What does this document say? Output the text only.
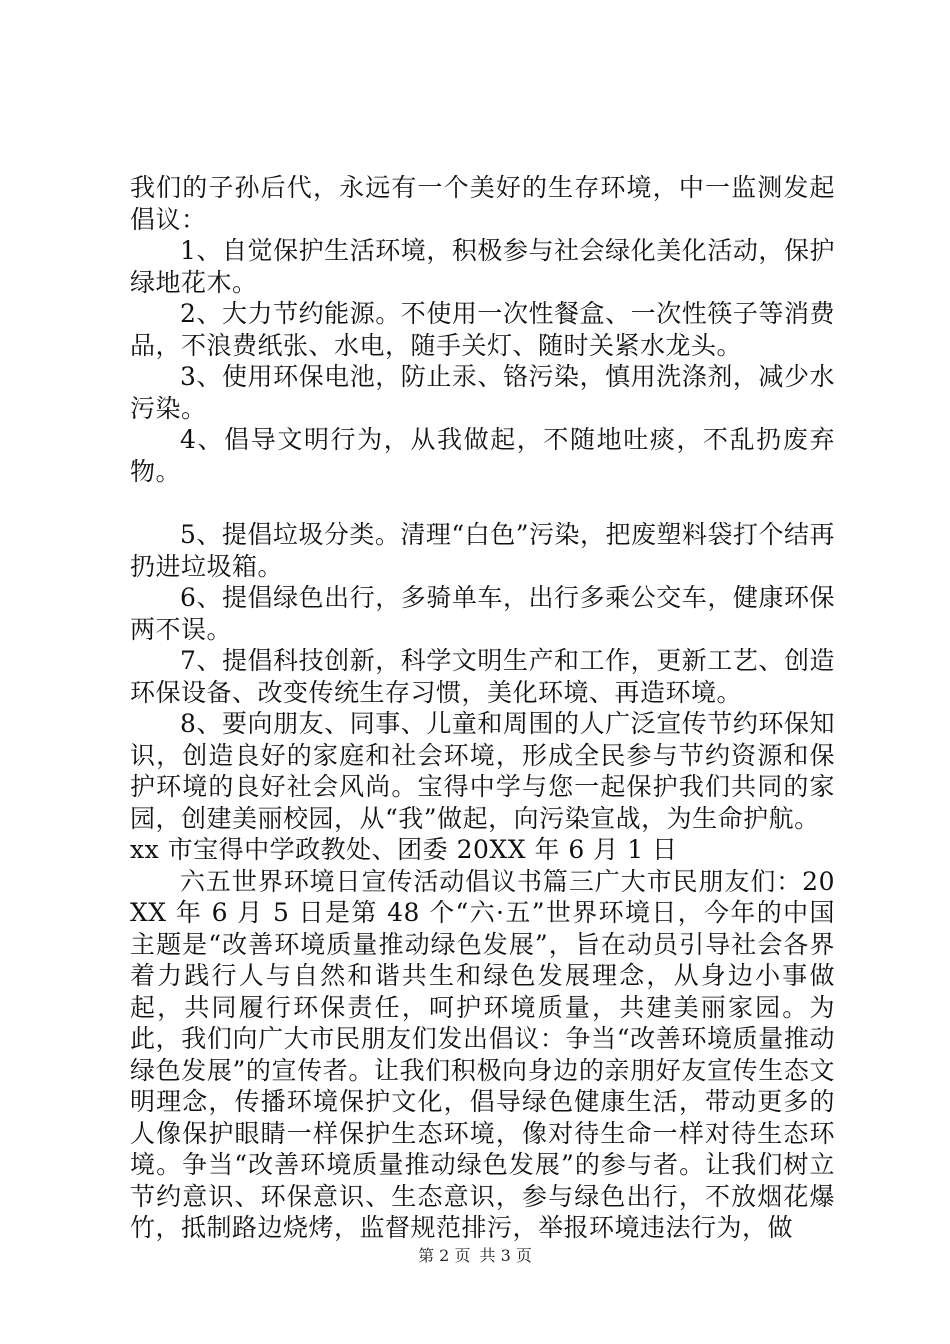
我们的子孙后代，永远有一个美好的生存环境，中一监测发起倡议：

1、自觉保护生活环境，积极参与社会绿化美化活动，保护绿地花木。

2、大力节约能源。不使用一次性餐盒、一次性筷子等消费品，不浪费纸张、水电，随手关灯、随时关紧水龙头。

3、使用环保电池，防止汞、铬污染，慎用洗涤剂，减少水污染。

4、倡导文明行为，从我做起，不随地吐痰，不乱扔废弃物。

5、提倡垃圾分类。清理“白色”污染，把废塑料袋打个结再扔进垃圾箱。

6、提倡绿色出行，多骑单车，出行多乘公交车，健康环保两不误。

7、提倡科技创新，科学文明生产和工作，更新工艺、创造环保设备、改变传统生存习惯，美化环境、再造环境。

8、要向朋友、同事、儿童和周围的人广泛宣传节约环保知识，创造良好的家庭和社会环境，形成全民参与节约资源和保护环境的良好社会风尚。宝得中学与您一起保护我们共同的家园，创建美丽校园，从“我”做起，向污染宣战，为生命护航。

xx 市宝得中学政教处、团委 20XX 年 6 月 1 日

六五世界环境日宣传活动倡议书篇三广大市民朋友们：20XX 年 6 月 5 日是第 48 个“六·五”世界环境日，今年的中国主题是“改善环境质量推动绿色发展”，旨在动员引导社会各界着力践行人与自然和谐共生和绿色发展理念，从身边小事做起，共同履行环保责任，呵护环境质量，共建美丽家园。为此，我们向广大市民朋友们发出倡议：争当“改善环境质量推动绿色发展”的宣传者。让我们积极向身边的亲朋好友宣传生态文明理念，传播环境保护文化，倡导绿色健康生活，带动更多的人像保护眼睛一样保护生态环境，像对待生命一样对待生态环境。争当“改善环境质量推动绿色发展”的参与者。让我们树立节约意识、环保意识、生态意识，参与绿色出行，不放烟花爆竹，抵制路边烧烤，监督规范排污，举报环境违法行为，做

第 2 页 共 3 页
